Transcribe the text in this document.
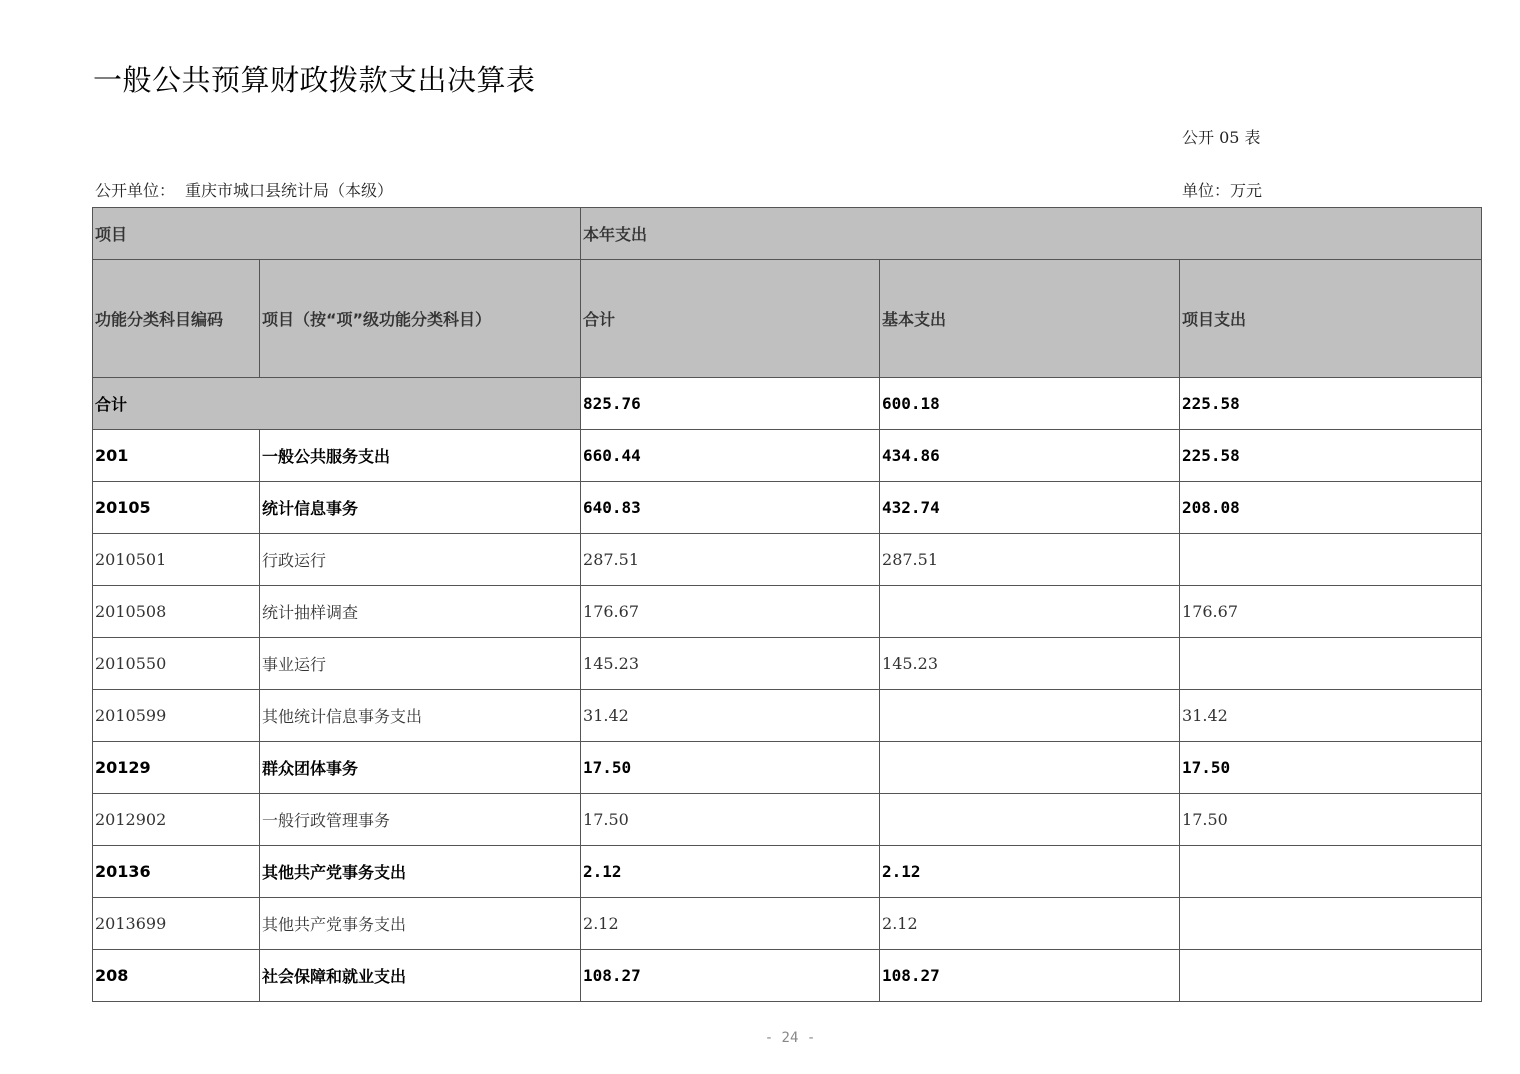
一般公共预算财政拨款支出决算表
公开 05 表
公开单位： 重庆市城口县统计局（本级）	单位：万元
项目		本年支出		
功能分类科目编码	项目（按“项”级功能分类科目）	合计	基本支出	项目支出
合计		825.76	600.18	225.58
201	一般公共服务支出	660.44	434.86	225.58
20105	统计信息事务	640.83	432.74	208.08
2010501	行政运行	287.51	287.51	
2010508	统计抽样调查	176.67		176.67
2010550	事业运行	145.23	145.23	
2010599	其他统计信息事务支出	31.42		31.42
20129	群众团体事务	17.50		17.50
2012902	一般行政管理事务	17.50		17.50
20136	其他共产党事务支出	2.12	2.12	
2013699	其他共产党事务支出	2.12	2.12	
208	社会保障和就业支出	108.27	108.27	
- 24 -
